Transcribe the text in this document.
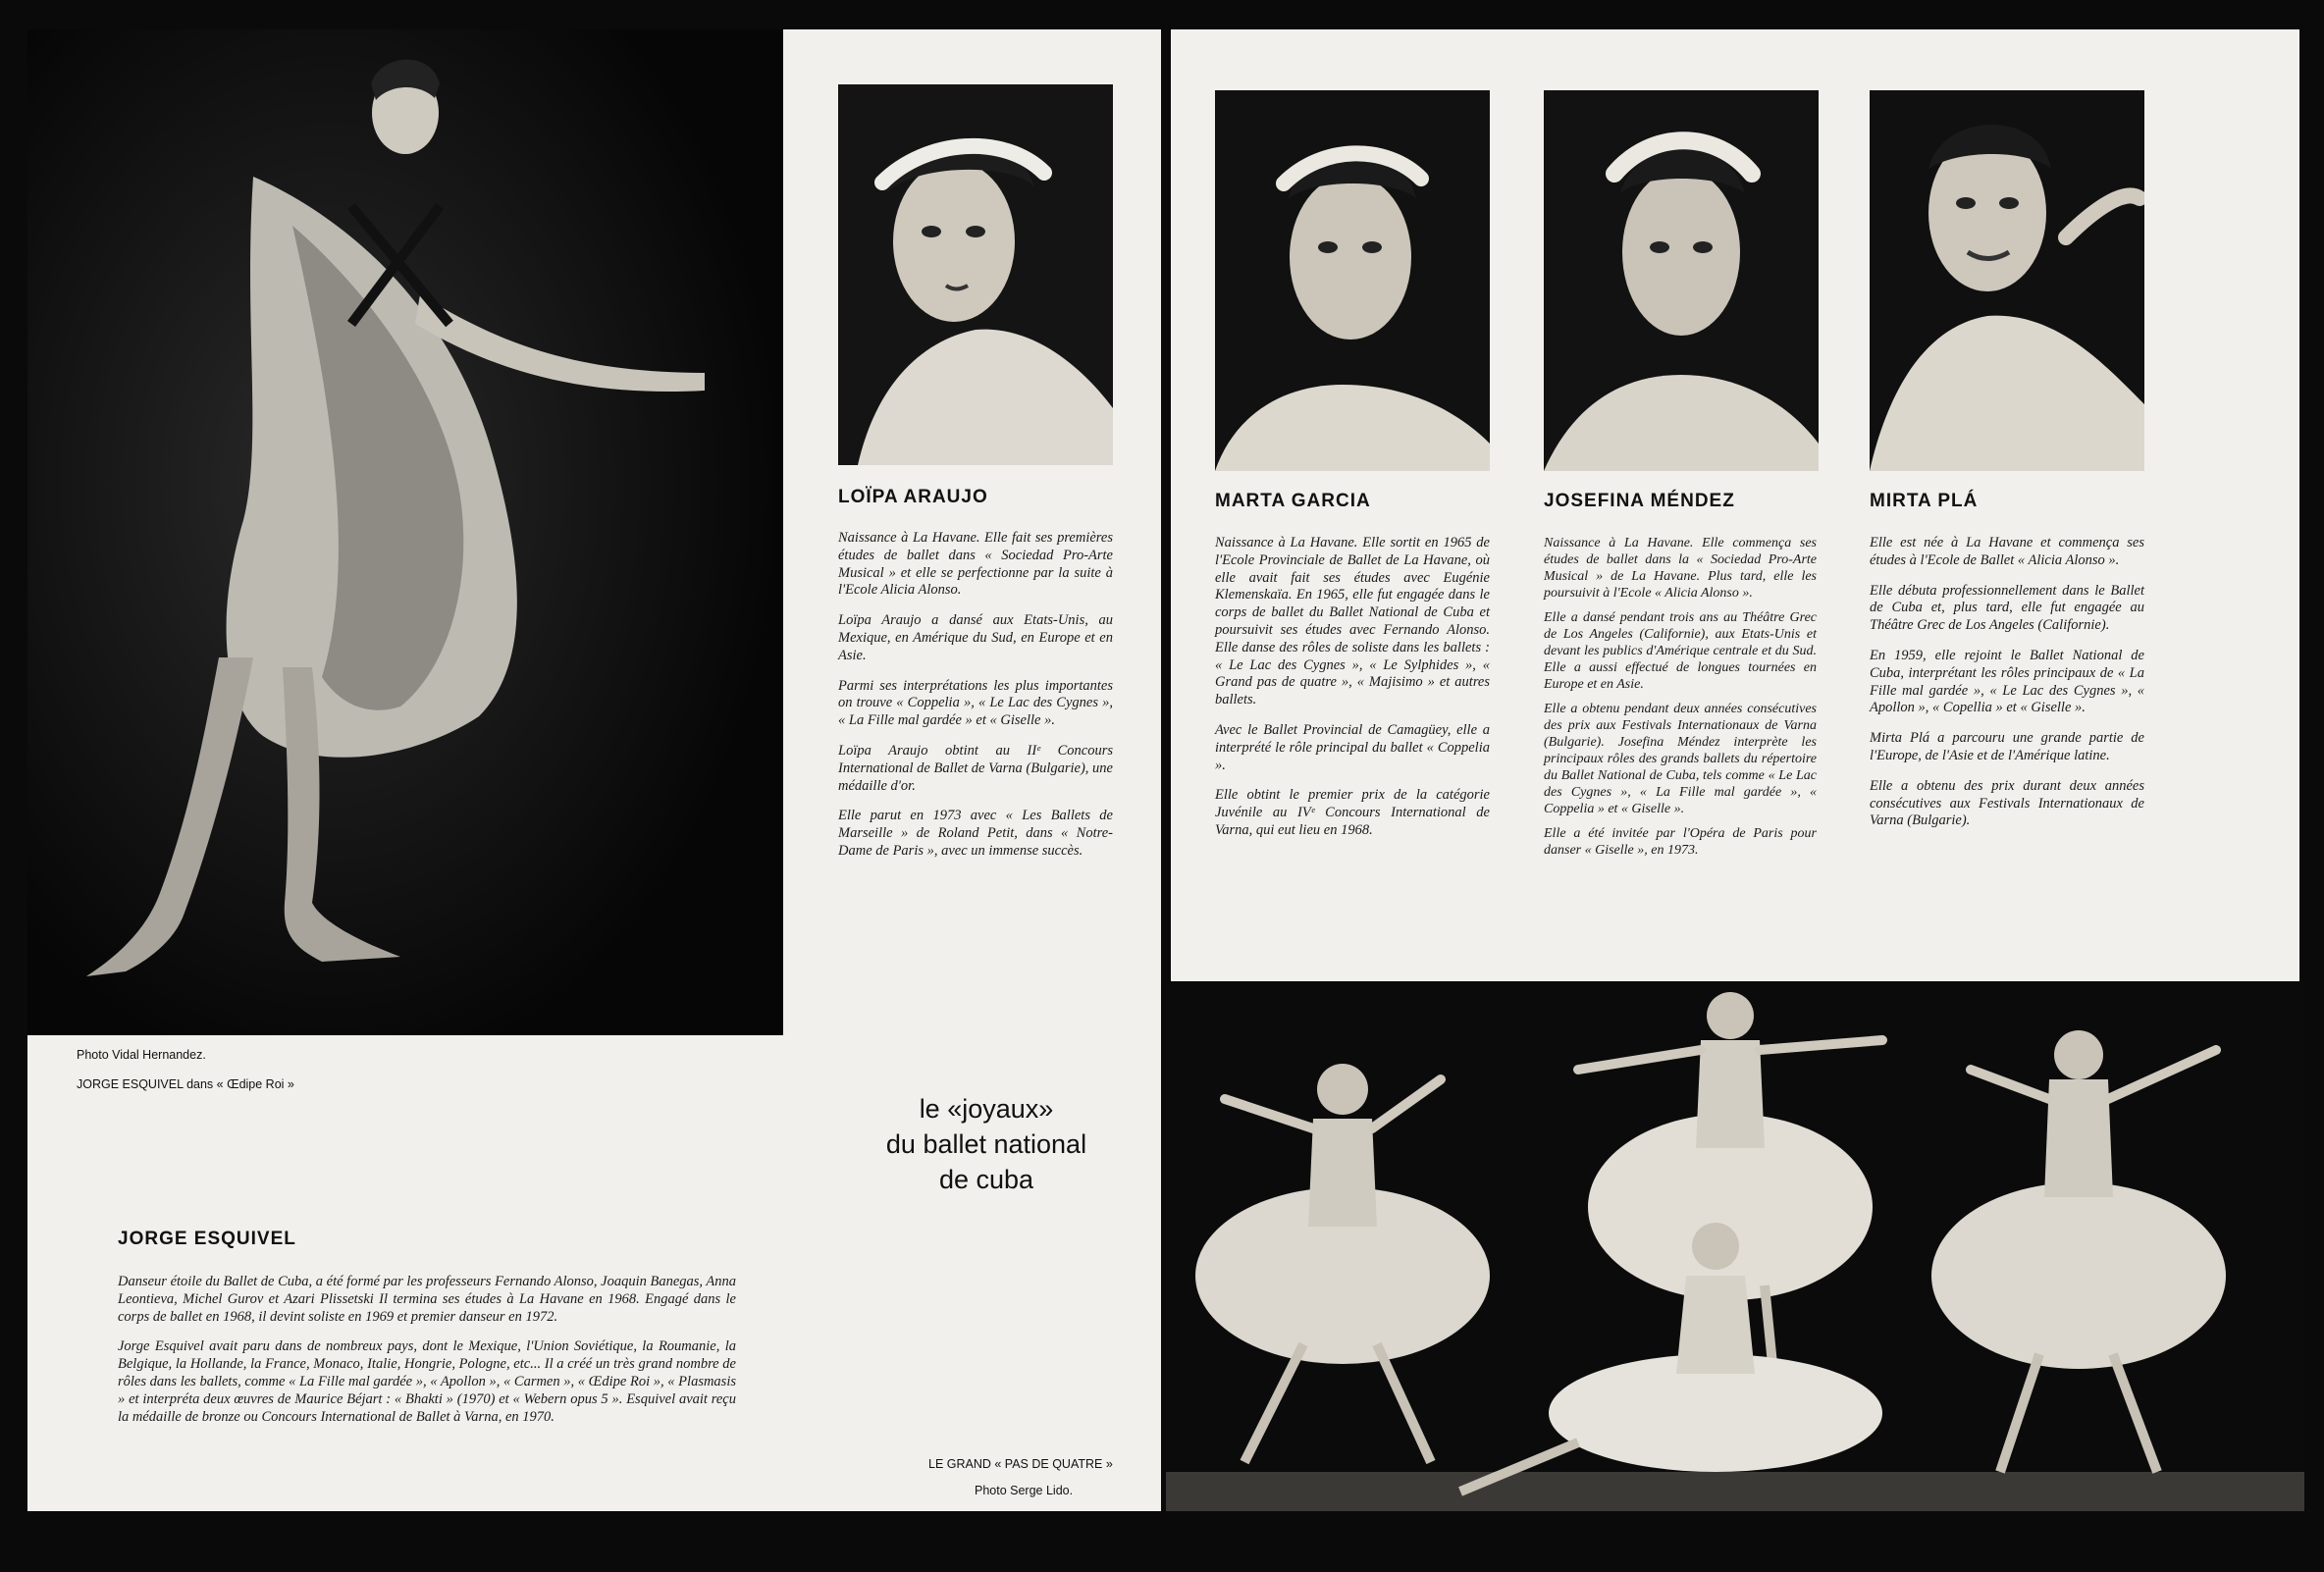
Photo Vidal Hernandez.
JORGE ESQUIVEL dans « Œdipe Roi »
LOÏPA ARAUJO

Naissance à La Havane. Elle fait ses premières études de ballet dans « Sociedad Pro-Arte Musical » et elle se perfectionne par la suite à l'Ecole Alicia Alonso.

Loïpa Araujo a dansé aux Etats-Unis, au Mexique, en Amérique du Sud, en Europe et en Asie.

Parmi ses interprétations les plus importantes on trouve « Coppelia », « Le Lac des Cygnes », « La Fille mal gardée » et « Giselle ».

Loïpa Araujo obtint au IIᵉ Concours International de Ballet de Varna (Bulgarie), une médaille d'or.

Elle parut en 1973 avec « Les Ballets de Marseille » de Roland Petit, dans « Notre-Dame de Paris », avec un immense succès.

le «joyaux»
du ballet national
de cuba
JORGE ESQUIVEL

Danseur étoile du Ballet de Cuba, a été formé par les professeurs Fernando Alonso, Joaquin Banegas, Anna Leontieva, Michel Gurov et Azari Plissetski Il termina ses études à La Havane en 1968. Engagé dans le corps de ballet en 1968, il devint soliste en 1969 et premier danseur en 1972.

Jorge Esquivel avait paru dans de nombreux pays, dont le Mexique, l'Union Soviétique, la Roumanie, la Belgique, la Hollande, la France, Monaco, Italie, Hongrie, Pologne, etc... Il a créé un très grand nombre de rôles dans les ballets, comme « La Fille mal gardée », « Apollon », « Carmen », « Œdipe Roi », « Plasmasis » et interpréta deux œuvres de Maurice Béjart : « Bhakti » (1970) et « Webern opus 5 ». Esquivel avait reçu la médaille de bronze ou Concours International de Ballet à Varna, en 1970.

LE GRAND « PAS DE QUATRE »
Photo Serge Lido.
MARTA GARCIA	JOSEFINA MÉNDEZ	MIRTA PLÁ

Naissance à La Havane. Elle sortit en 1965 de l'Ecole Provinciale de Ballet de La Havane, où elle avait fait ses études avec Eugénie Klemenskaïa. En 1965, elle fut engagée dans le corps de ballet du Ballet National de Cuba et poursuivit ses études avec Fernando Alonso. Elle danse des rôles de soliste dans les ballets : « Le Lac des Cygnes », « Le Sylphides », « Grand pas de quatre », « Majisimo » et autres ballets.

Avec le Ballet Provincial de Camagüey, elle a interprété le rôle principal du ballet « Coppelia ».

Elle obtint le premier prix de la catégorie Juvénile au IVᵉ Concours International de Varna, qui eut lieu en 1968.

Naissance à La Havane. Elle commença ses études de ballet dans la « Sociedad Pro-Arte Musical » de La Havane. Plus tard, elle les poursuivit à l'Ecole « Alicia Alonso ».

Elle a dansé pendant trois ans au Théâtre Grec de Los Angeles (Californie), aux Etats-Unis et devant les publics d'Amérique centrale et du Sud. Elle a aussi effectué de longues tournées en Europe et en Asie.

Elle a obtenu pendant deux années consécutives des prix aux Festivals Internationaux de Varna (Bulgarie). Josefina Méndez interprète les principaux rôles des grands ballets du répertoire du Ballet National de Cuba, tels comme « Le Lac des Cygnes », « La Fille mal gardée », « Coppelia » et « Giselle ».

Elle a été invitée par l'Opéra de Paris pour danser « Giselle », en 1973.

Elle est née à La Havane et commença ses études à l'Ecole de Ballet « Alicia Alonso ».

Elle débuta professionnellement dans le Ballet de Cuba et, plus tard, elle fut engagée au Théâtre Grec de Los Angeles (Californie).

En 1959, elle rejoint le Ballet National de Cuba, interprétant les rôles principaux de « La Fille mal gardée », « Le Lac des Cygnes », « Apollon », « Copellia » et « Giselle ».

Mirta Plá a parcouru une grande partie de l'Europe, de l'Asie et de l'Amérique latine.

Elle a obtenu des prix durant deux années consécutives aux Festivals Internationaux de Varna (Bulgarie).
